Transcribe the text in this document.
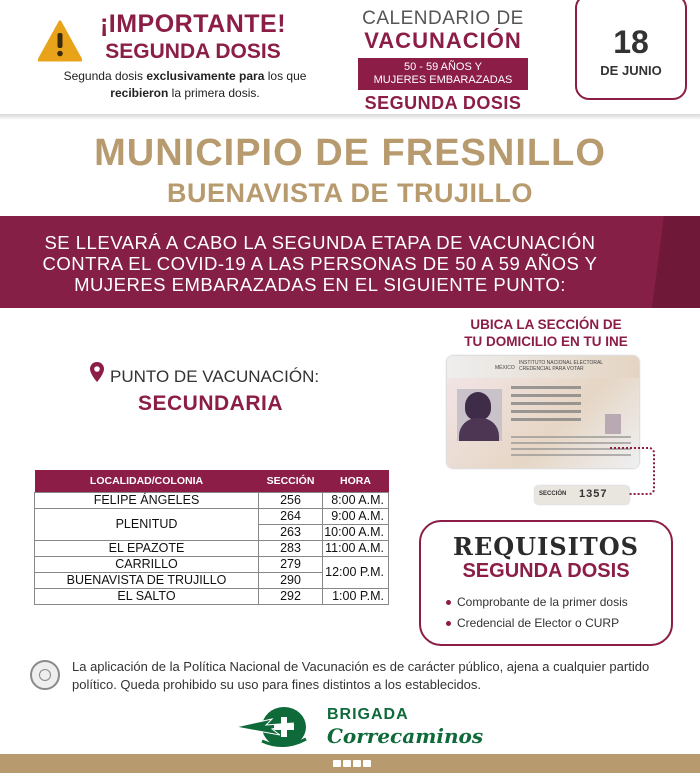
¡IMPORTANTE!
SEGUNDA DOSIS
Segunda dosis exclusivamente para los que
recibieron la primera dosis.
CALENDARIO DE
VACUNACIÓN
50 - 59 AÑOS Y
MUJERES EMBARAZADAS
SEGUNDA DOSIS
18
DE JUNIO
MUNICIPIO DE FRESNILLO
BUENAVISTA DE TRUJILLO
SE LLEVARÁ A CABO LA SEGUNDA ETAPA DE VACUNACIÓN
CONTRA EL COVID-19 A LAS PERSONAS DE 50 A 59 AÑOS Y
MUJERES EMBARAZADAS EN EL SIGUIENTE PUNTO:
PUNTO DE VACUNACIÓN:
SECUNDARIA
UBICA LA SECCIÓN DE
TU DOMICILIO EN TU INE
MÉXICO
INSTITUTO NACIONAL ELECTORAL
CREDENCIAL PARA VOTAR
SECCIÓN 1357
LOCALIDAD/COLONIA	SECCIÓN	HORA
FELIPE ÁNGELES	256	8:00 A.M.
PLENITUD	264	9:00 A.M.
	263	10:00 A.M.
EL EPAZOTE	283	11:00 A.M.
CARRILLO	279	12:00 P.M.
BUENAVISTA DE TRUJILLO	290	
EL SALTO	292	1:00 P.M.
REQUISITOS
SEGUNDA DOSIS
Comprobante de la primer dosis
Credencial de Elector o CURP
La aplicación de la Política Nacional de Vacunación es de carácter público, ajena a cualquier partido político. Queda prohibido su uso para fines distintos a los establecidos.
BRIGADA
Correcaminos
